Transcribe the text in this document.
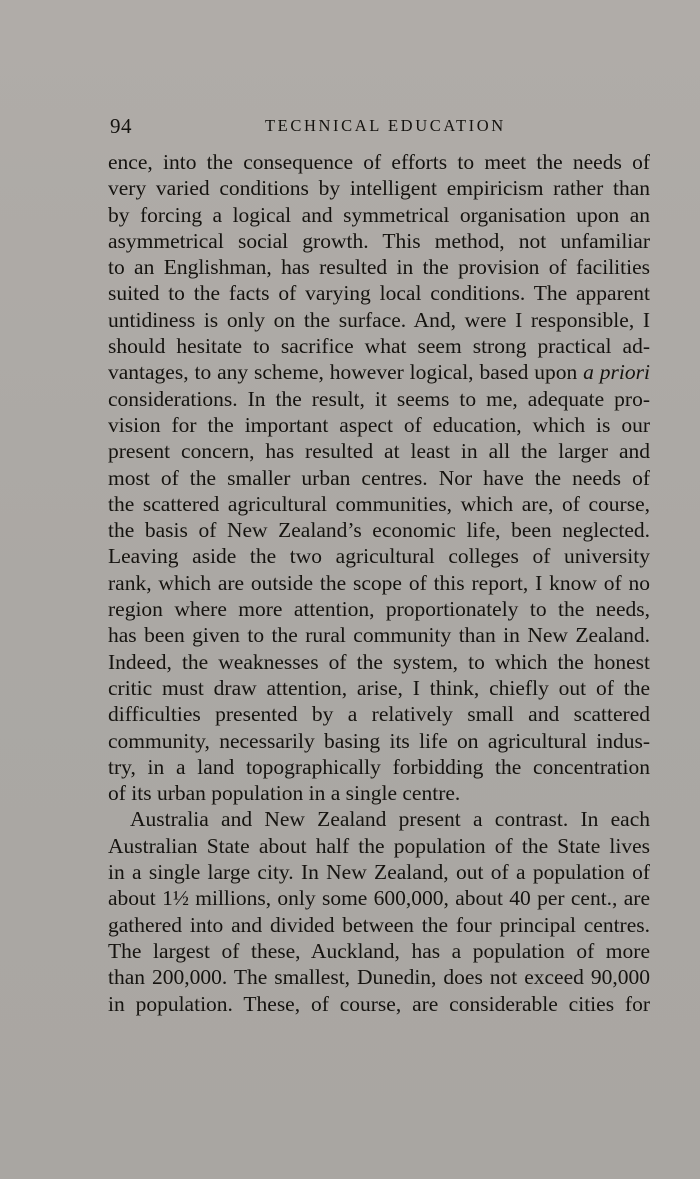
94	TECHNICAL EDUCATION
ence, into the consequence of efforts to meet the needs of
very varied conditions by intelligent empiricism rather than
by forcing a logical and symmetrical organisation upon an
asymmetrical social growth. This method, not unfamiliar
to an Englishman, has resulted in the provision of facilities
suited to the facts of varying local conditions. The apparent
untidiness is only on the surface. And, were I responsible, I
should hesitate to sacrifice what seem strong practical ad-
vantages, to any scheme, however logical, based upon a priori
considerations. In the result, it seems to me, adequate pro-
vision for the important aspect of education, which is our
present concern, has resulted at least in all the larger and
most of the smaller urban centres. Nor have the needs of
the scattered agricultural communities, which are, of course,
the basis of New Zealand’s economic life, been neglected.
Leaving aside the two agricultural colleges of university
rank, which are outside the scope of this report, I know of no
region where more attention, proportionately to the needs,
has been given to the rural community than in New Zealand.
Indeed, the weaknesses of the system, to which the honest
critic must draw attention, arise, I think, chiefly out of the
difficulties presented by a relatively small and scattered
community, necessarily basing its life on agricultural indus-
try, in a land topographically forbidding the concentration
of its urban population in a single centre.
Australia and New Zealand present a contrast. In each
Australian State about half the population of the State lives
in a single large city. In New Zealand, out of a population of
about 1½ millions, only some 600,000, about 40 per cent., are
gathered into and divided between the four principal centres.
The largest of these, Auckland, has a population of more
than 200,000. The smallest, Dunedin, does not exceed 90,000
in population. These, of course, are considerable cities for
